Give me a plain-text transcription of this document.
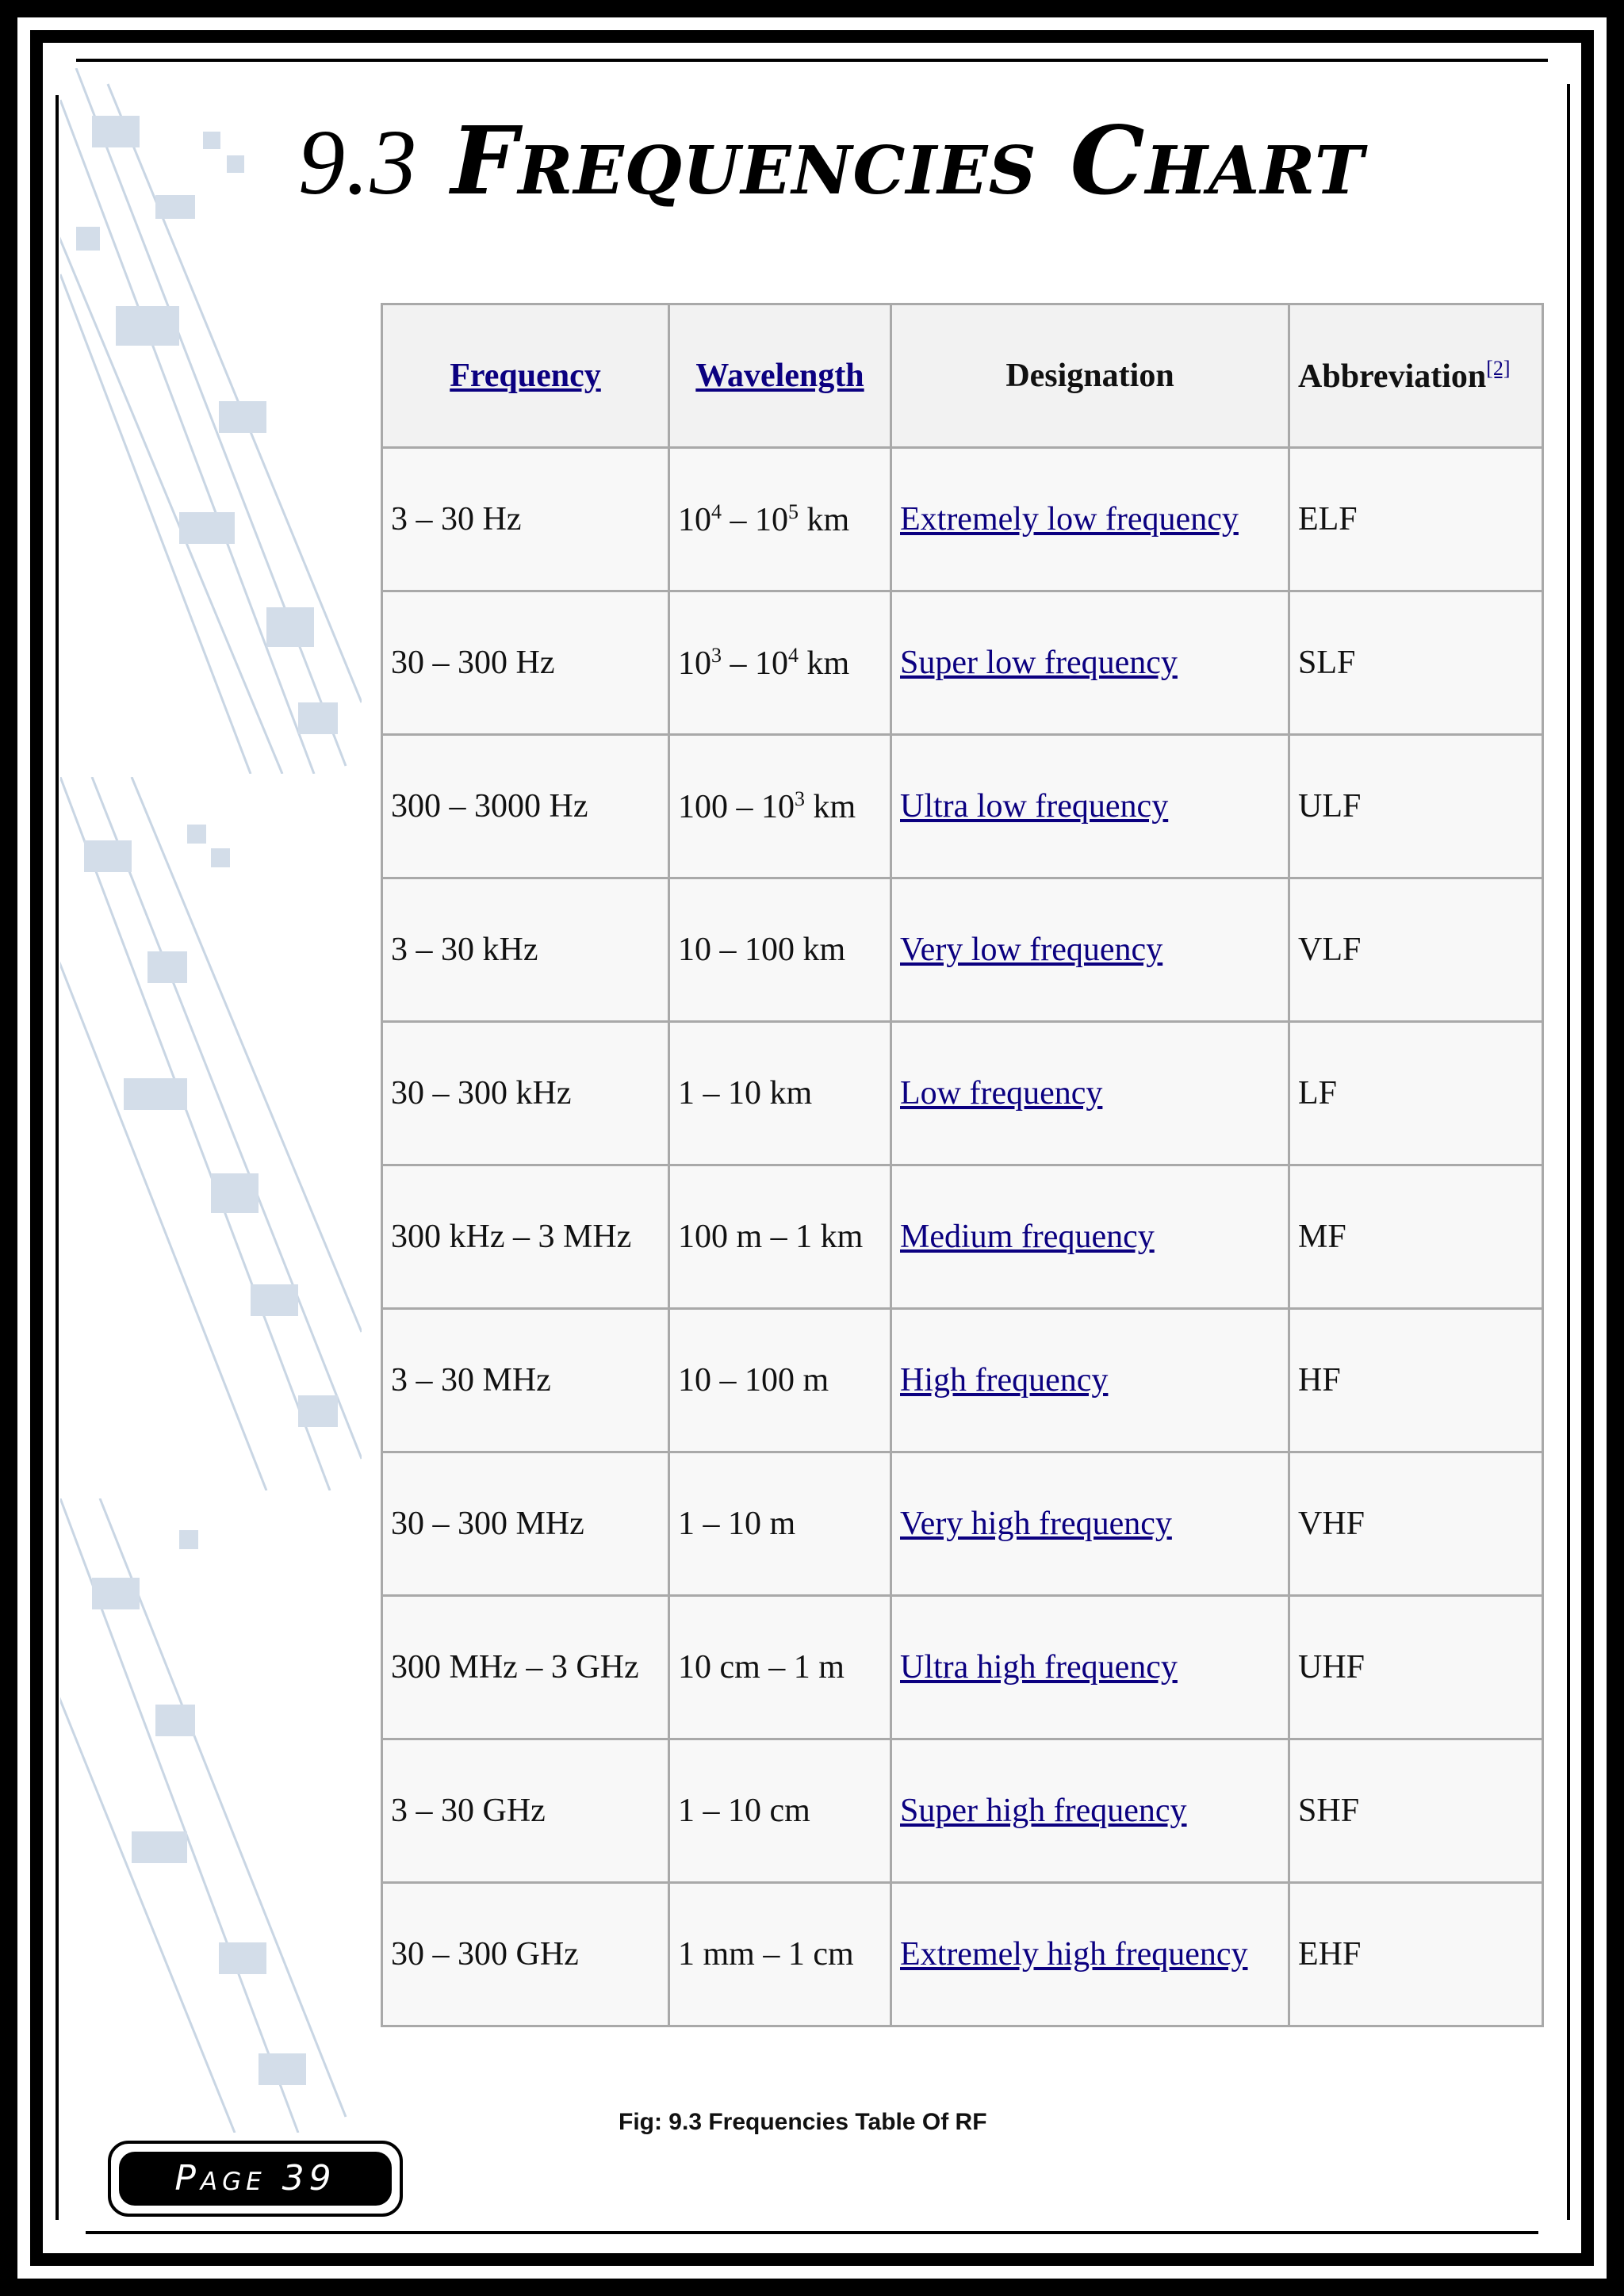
9.3 Frequencies Chart
Frequency	Wavelength	Designation	Abbreviation[2]
3 – 30 Hz	$10^4 - 10^5$ km	Extremely low frequency	ELF
30 – 300 Hz	$10^3 - 10^4$ km	Super low frequency	SLF
300 – 3000 Hz	$100 - 10^3$ km	Ultra low frequency	ULF
3 – 30 kHz	10 – 100 km	Very low frequency	VLF
30 – 300 kHz	1 – 10 km	Low frequency	LF
300 kHz – 3 MHz	100 m – 1 km	Medium frequency	MF
3 – 30 MHz	10 – 100 m	High frequency	HF
30 – 300 MHz	1 – 10 m	Very high frequency	VHF
300 MHz – 3 GHz	10 cm – 1 m	Ultra high frequency	UHF
3 – 30 GHz	1 – 10 cm	Super high frequency	SHF
30 – 300 GHz	1 mm – 1 cm	Extremely high frequency	EHF
Fig: 9.3 Frequencies Table Of RF
Page 39
